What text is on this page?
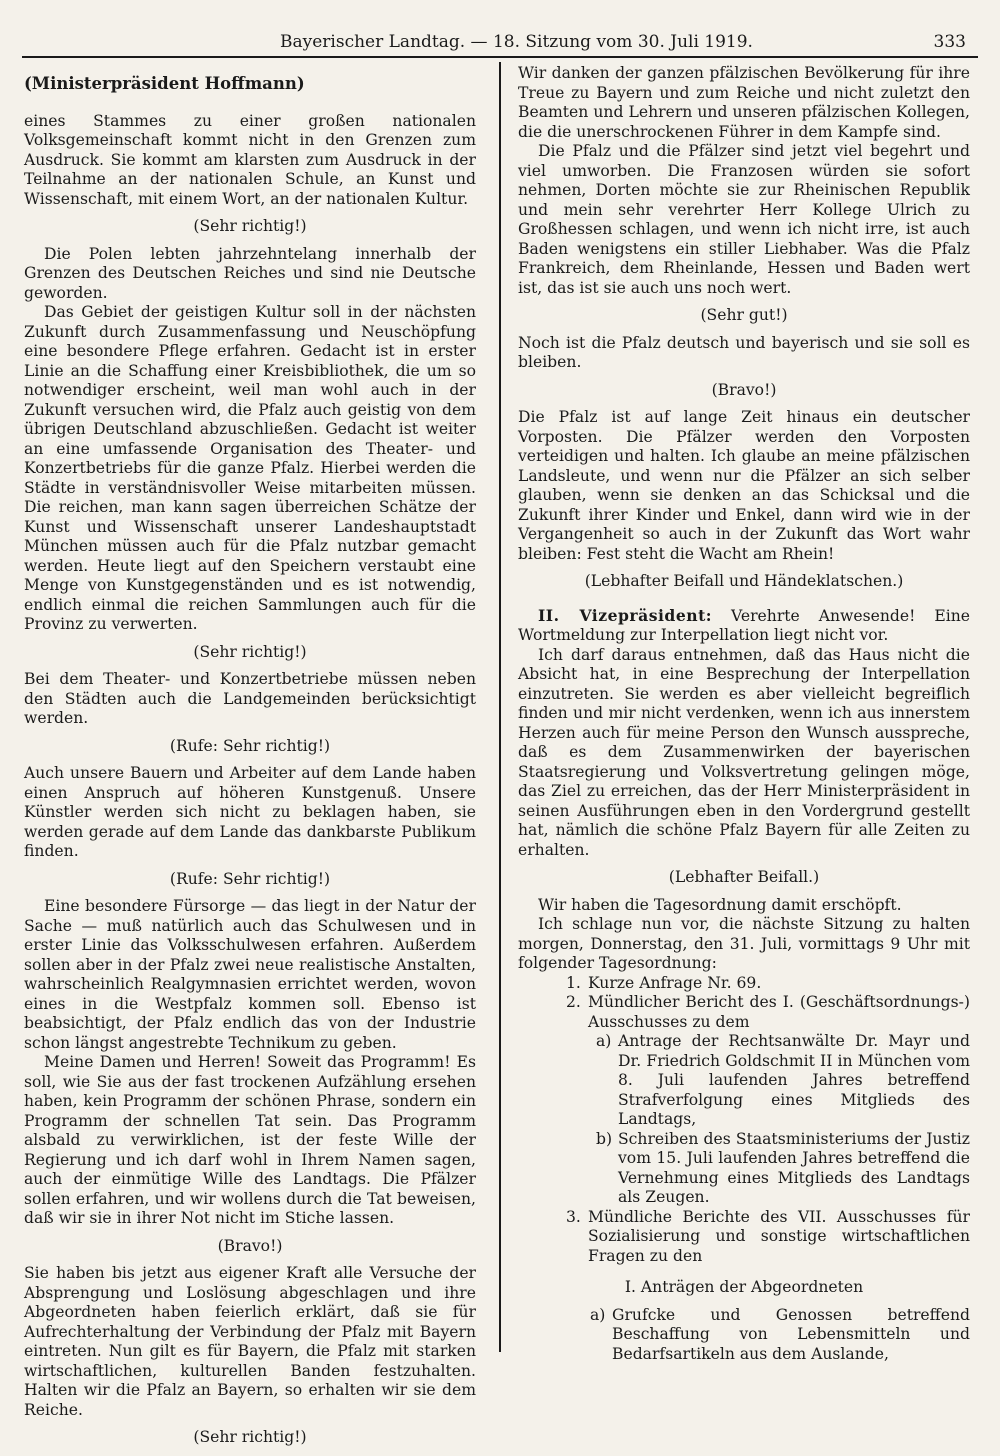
Bayerischer Landtag. — 18. Sitzung vom 30. Juli 1919.	333

(Ministerpräsident Hoffmann)

eines Stammes zu einer großen nationalen Volksgemeinschaft kommt nicht in den Grenzen zum Ausdruck. Sie kommt am klarsten zum Ausdruck in der Teilnahme an der nationalen Schule, an Kunst und Wissenschaft, mit einem Wort, an der nationalen Kultur.

(Sehr richtig!)

Die Polen lebten jahrzehntelang innerhalb der Grenzen des Deutschen Reiches und sind nie Deutsche geworden.

Das Gebiet der geistigen Kultur soll in der nächsten Zukunft durch Zusammenfassung und Neuschöpfung eine besondere Pflege erfahren. Gedacht ist in erster Linie an die Schaffung einer Kreisbibliothek, die um so notwendiger erscheint, weil man wohl auch in der Zukunft versuchen wird, die Pfalz auch geistig von dem übrigen Deutschland abzuschließen. Gedacht ist weiter an eine umfassende Organisation des Theater- und Konzertbetriebs für die ganze Pfalz. Hierbei werden die Städte in verständnisvoller Weise mitarbeiten müssen. Die reichen, man kann sagen überreichen Schätze der Kunst und Wissenschaft unserer Landeshauptstadt München müssen auch für die Pfalz nutzbar gemacht werden. Heute liegt auf den Speichern verstaubt eine Menge von Kunstgegenständen und es ist notwendig, endlich einmal die reichen Sammlungen auch für die Provinz zu verwerten.

(Sehr richtig!)

Bei dem Theater- und Konzertbetriebe müssen neben den Städten auch die Landgemeinden berücksichtigt werden.

(Rufe: Sehr richtig!)

Auch unsere Bauern und Arbeiter auf dem Lande haben einen Anspruch auf höheren Kunstgenuß. Unsere Künstler werden sich nicht zu beklagen haben, sie werden gerade auf dem Lande das dankbarste Publikum finden.

(Rufe: Sehr richtig!)

Eine besondere Fürsorge — das liegt in der Natur der Sache — muß natürlich auch das Schulwesen und in erster Linie das Volksschulwesen erfahren. Außerdem sollen aber in der Pfalz zwei neue realistische Anstalten, wahrscheinlich Realgymnasien errichtet werden, wovon eines in die Westpfalz kommen soll. Ebenso ist beabsichtigt, der Pfalz endlich das von der Industrie schon längst angestrebte Technikum zu geben.

Meine Damen und Herren! Soweit das Programm! Es soll, wie Sie aus der fast trockenen Aufzählung ersehen haben, kein Programm der schönen Phrase, sondern ein Programm der schnellen Tat sein. Das Programm alsbald zu verwirklichen, ist der feste Wille der Regierung und ich darf wohl in Ihrem Namen sagen, auch der einmütige Wille des Landtags. Die Pfälzer sollen erfahren, und wir wollens durch die Tat beweisen, daß wir sie in ihrer Not nicht im Stiche lassen.

(Bravo!)

Sie haben bis jetzt aus eigener Kraft alle Versuche der Absprengung und Loslösung abgeschlagen und ihre Abgeordneten haben feierlich erklärt, daß sie für Aufrechterhaltung der Verbindung der Pfalz mit Bayern eintreten. Nun gilt es für Bayern, die Pfalz mit starken wirtschaftlichen, kulturellen Banden festzuhalten. Halten wir die Pfalz an Bayern, so erhalten wir sie dem Reiche.

(Sehr richtig!)

Wir danken der ganzen pfälzischen Bevölkerung für ihre Treue zu Bayern und zum Reiche und nicht zuletzt den Beamten und Lehrern und unseren pfälzischen Kollegen, die die unerschrockenen Führer in dem Kampfe sind.

Die Pfalz und die Pfälzer sind jetzt viel begehrt und viel umworben. Die Franzosen würden sie sofort nehmen, Dorten möchte sie zur Rheinischen Republik und mein sehr verehrter Herr Kollege Ulrich zu Großhessen schlagen, und wenn ich nicht irre, ist auch Baden wenigstens ein stiller Liebhaber. Was die Pfalz Frankreich, dem Rheinlande, Hessen und Baden wert ist, das ist sie auch uns noch wert.

(Sehr gut!)

Noch ist die Pfalz deutsch und bayerisch und sie soll es bleiben.

(Bravo!)

Die Pfalz ist auf lange Zeit hinaus ein deutscher Vorposten. Die Pfälzer werden den Vorposten verteidigen und halten. Ich glaube an meine pfälzischen Landsleute, und wenn nur die Pfälzer an sich selber glauben, wenn sie denken an das Schicksal und die Zukunft ihrer Kinder und Enkel, dann wird wie in der Vergangenheit so auch in der Zukunft das Wort wahr bleiben: Fest steht die Wacht am Rhein!

(Lebhafter Beifall und Händeklatschen.)

II. Vizepräsident: Verehrte Anwesende! Eine Wortmeldung zur Interpellation liegt nicht vor.

Ich darf daraus entnehmen, daß das Haus nicht die Absicht hat, in eine Besprechung der Interpellation einzutreten. Sie werden es aber vielleicht begreiflich finden und mir nicht verdenken, wenn ich aus innerstem Herzen auch für meine Person den Wunsch ausspreche, daß es dem Zusammenwirken der bayerischen Staatsregierung und Volksvertretung gelingen möge, das Ziel zu erreichen, das der Herr Ministerpräsident in seinen Ausführungen eben in den Vordergrund gestellt hat, nämlich die schöne Pfalz Bayern für alle Zeiten zu erhalten.

(Lebhafter Beifall.)

Wir haben die Tagesordnung damit erschöpft.

Ich schlage nun vor, die nächste Sitzung zu halten morgen, Donnerstag, den 31. Juli, vormittags 9 Uhr mit folgender Tagesordnung:

1. Kurze Anfrage Nr. 69.
2. Mündlicher Bericht des I. (Geschäftsordnungs-) Ausschusses zu dem
a) Antrage der Rechtsanwälte Dr. Mayr und Dr. Friedrich Goldschmit II in München vom 8. Juli laufenden Jahres betreffend Strafverfolgung eines Mitglieds des Landtags,
b) Schreiben des Staatsministeriums der Justiz vom 15. Juli laufenden Jahres betreffend die Vernehmung eines Mitglieds des Landtags als Zeugen.
3. Mündliche Berichte des VII. Ausschusses für Sozialisierung und sonstige wirtschaftlichen Fragen zu den

I. Anträgen der Abgeordneten

a) Grufcke und Genossen betreffend Beschaffung von Lebensmitteln und Bedarfsartikeln aus dem Auslande,
